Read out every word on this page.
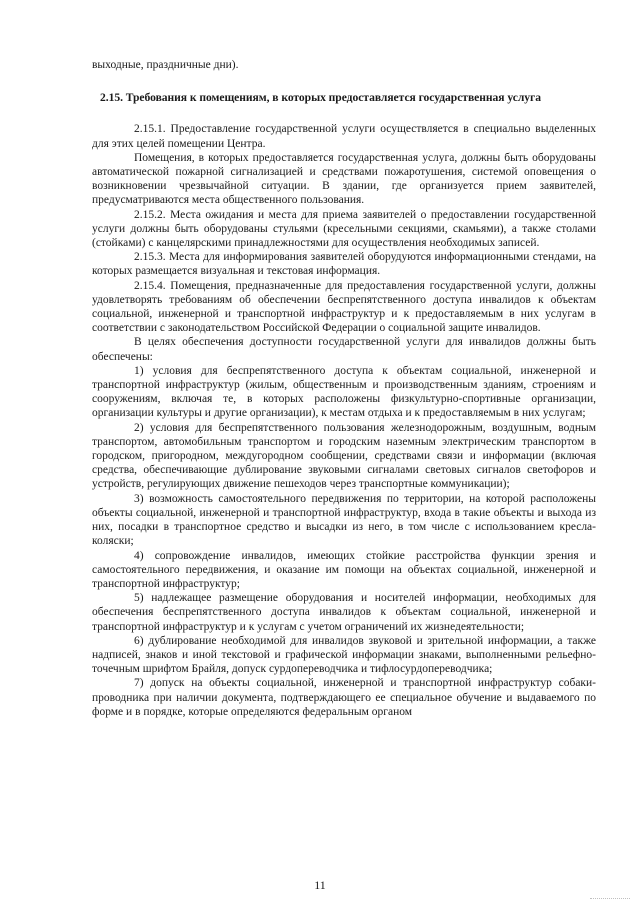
выходные, праздничные дни).

2.15. Требования к помещениям, в которых предоставляется государственная услуга

2.15.1. Предоставление государственной услуги осуществляется в специально выделенных для этих целей помещении Центра.

Помещения, в которых предоставляется государственная услуга, должны быть оборудованы автоматической пожарной сигнализацией и средствами пожаротушения, системой оповещения о возникновении чрезвычайной ситуации. В здании, где организуется прием заявителей, предусматриваются места общественного пользования.

2.15.2. Места ожидания и места для приема заявителей о предоставлении государственной услуги должны быть оборудованы стульями (кресельными секциями, скамьями), а также столами (стойками) с канцелярскими принадлежностями для осуществления необходимых записей.

2.15.3. Места для информирования заявителей оборудуются информационными стендами, на которых размещается визуальная и текстовая информация.

2.15.4. Помещения, предназначенные для предоставления государственной услуги, должны удовлетворять требованиям об обеспечении беспрепятственного доступа инвалидов к объектам социальной, инженерной и транспортной инфраструктур и к предоставляемым в них услугам в соответствии с законодательством Российской Федерации о социальной защите инвалидов.

В целях обеспечения доступности государственной услуги для инвалидов должны быть обеспечены:

1) условия для беспрепятственного доступа к объектам социальной, инженерной и транспортной инфраструктур (жилым, общественным и производственным зданиям, строениям и сооружениям, включая те, в которых расположены физкультурно-спортивные организации, организации культуры и другие организации), к местам отдыха и к предоставляемым в них услугам;

2) условия для беспрепятственного пользования железнодорожным, воздушным, водным транспортом, автомобильным транспортом и городским наземным электрическим транспортом в городском, пригородном, междугородном сообщении, средствами связи и информации (включая средства, обеспечивающие дублирование звуковыми сигналами световых сигналов светофоров и устройств, регулирующих движение пешеходов через транспортные коммуникации);

3) возможность самостоятельного передвижения по территории, на которой расположены объекты социальной, инженерной и транспортной инфраструктур, входа в такие объекты и выхода из них, посадки в транспортное средство и высадки из него, в том числе с использованием кресла-коляски;

4) сопровождение инвалидов, имеющих стойкие расстройства функции зрения и самостоятельного передвижения, и оказание им помощи на объектах социальной, инженерной и транспортной инфраструктур;

5) надлежащее размещение оборудования и носителей информации, необходимых для обеспечения беспрепятственного доступа инвалидов к объектам социальной, инженерной и транспортной инфраструктур и к услугам с учетом ограничений их жизнедеятельности;

6) дублирование необходимой для инвалидов звуковой и зрительной информации, а также надписей, знаков и иной текстовой и графической информации знаками, выполненными рельефно-точечным шрифтом Брайля, допуск сурдопереводчика и тифлосурдопереводчика;

7) допуск на объекты социальной, инженерной и транспортной инфраструктур собаки-проводника при наличии документа, подтверждающего ее специальное обучение и выдаваемого по форме и в порядке, которые определяются федеральным органом

11
